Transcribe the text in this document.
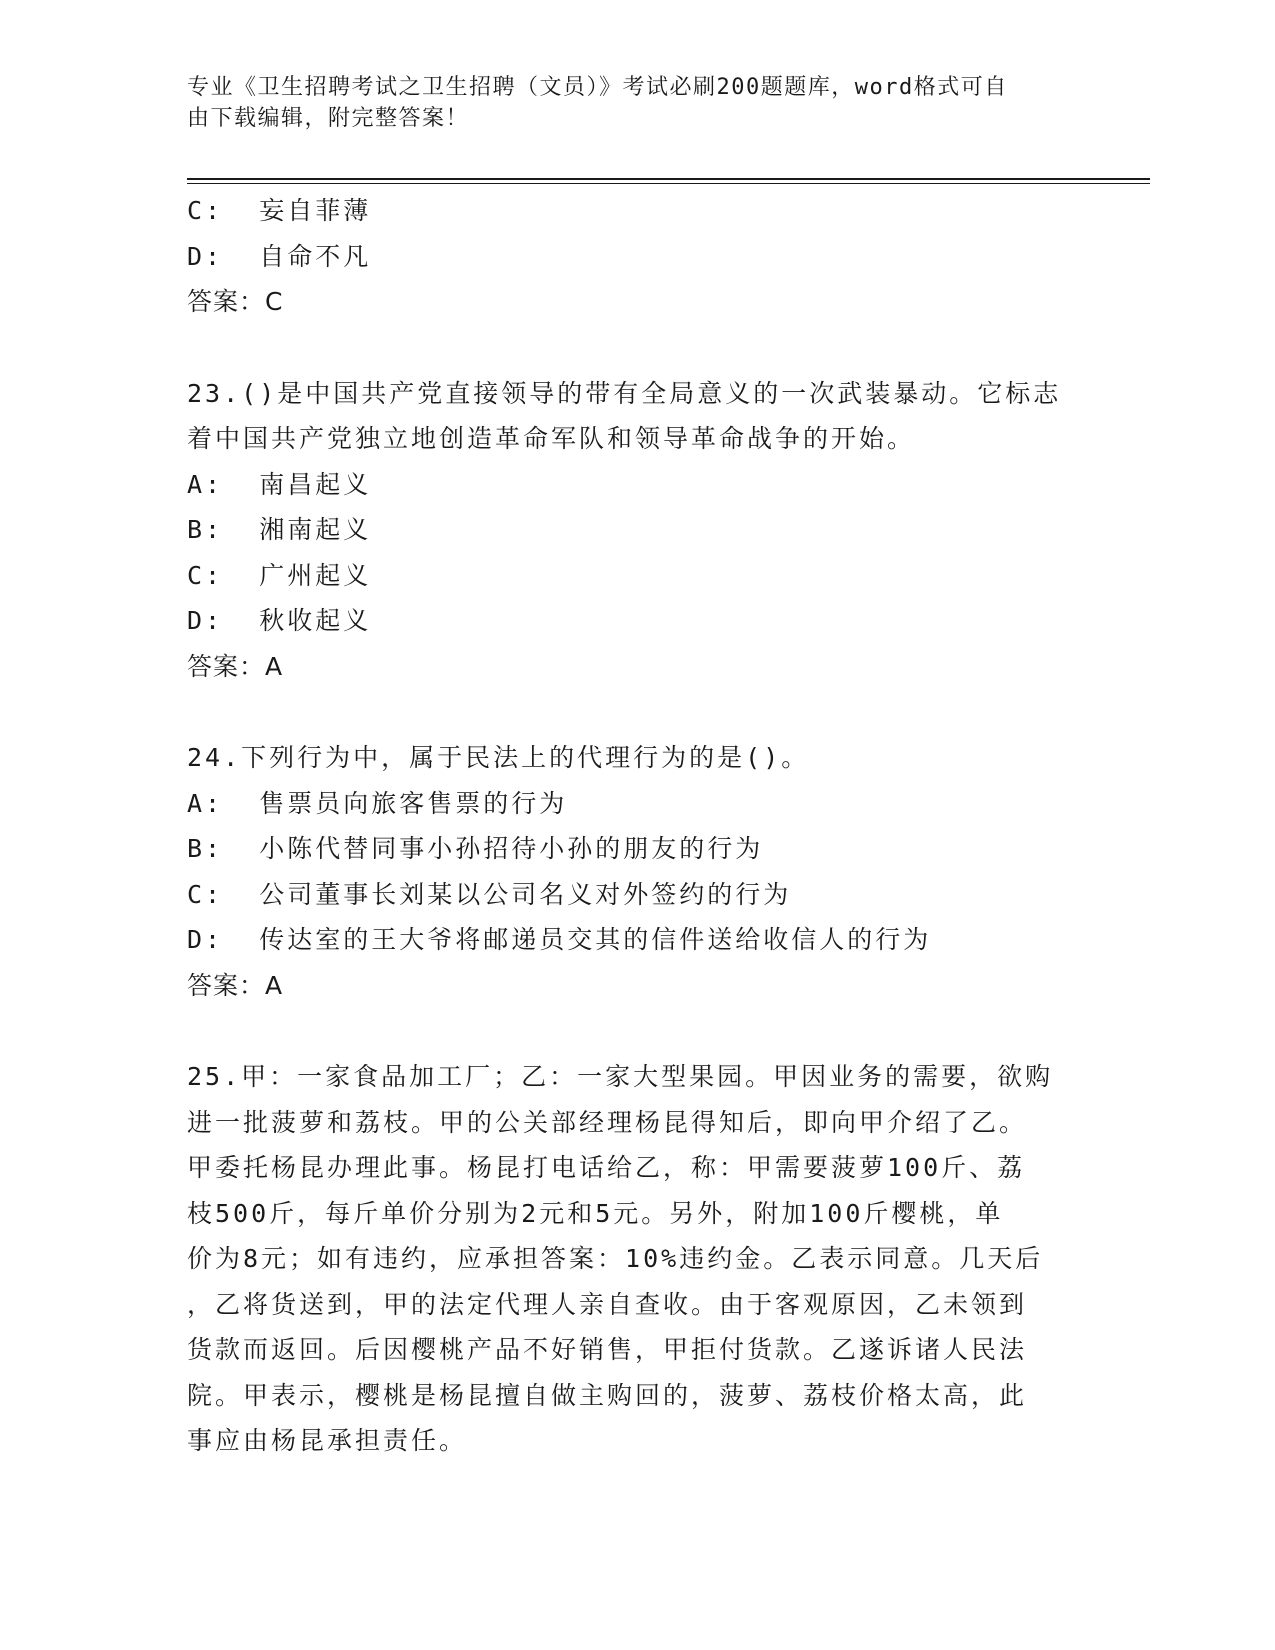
专业《卫生招聘考试之卫生招聘（文员）》考试必刷200题题库，word格式可自
由下载编辑，附完整答案！
C:  妄自菲薄
D:  自命不凡
答案：C
23.()是中国共产党直接领导的带有全局意义的一次武装暴动。它标志
着中国共产党独立地创造革命军队和领导革命战争的开始。
A:  南昌起义
B:  湘南起义
C:  广州起义
D:  秋收起义
答案：A
24.下列行为中，属于民法上的代理行为的是()。
A:  售票员向旅客售票的行为
B:  小陈代替同事小孙招待小孙的朋友的行为
C:  公司董事长刘某以公司名义对外签约的行为
D:  传达室的王大爷将邮递员交其的信件送给收信人的行为
答案：A
25.甲：一家食品加工厂；乙：一家大型果园。甲因业务的需要，欲购
进一批菠萝和荔枝。甲的公关部经理杨昆得知后，即向甲介绍了乙。
甲委托杨昆办理此事。杨昆打电话给乙，称：甲需要菠萝100斤、荔
枝500斤，每斤单价分别为2元和5元。另外，附加100斤樱桃，单
价为8元；如有违约，应承担答案：10%违约金。乙表示同意。几天后
，乙将货送到，甲的法定代理人亲自查收。由于客观原因，乙未领到
货款而返回。后因樱桃产品不好销售，甲拒付货款。乙遂诉诸人民法
院。甲表示，樱桃是杨昆擅自做主购回的，菠萝、荔枝价格太高，此
事应由杨昆承担责任。
